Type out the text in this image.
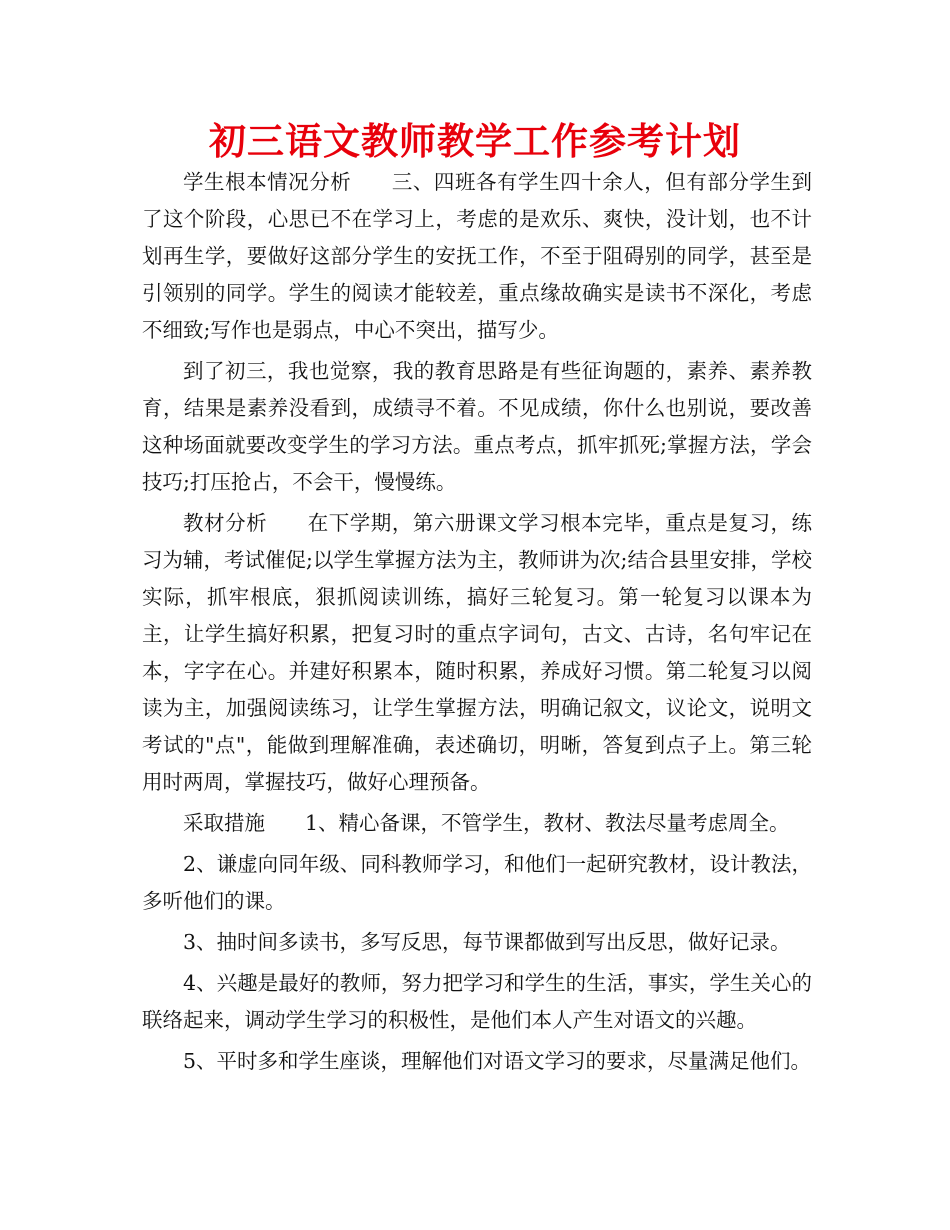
初三语文教师教学工作参考计划

学生根本情况分析 三、四班各有学生四十余人，但有部分学生到了这个阶段，心思已不在学习上，考虑的是欢乐、爽快，没计划，也不计划再生学，要做好这部分学生的安抚工作，不至于阻碍别的同学，甚至是引领别的同学。学生的阅读才能较差，重点缘故确实是读书不深化，考虑不细致;写作也是弱点，中心不突出，描写少。

到了初三，我也觉察，我的教育思路是有些征询题的，素养、素养教育，结果是素养没看到，成绩寻不着。不见成绩，你什么也别说，要改善这种场面就要改变学生的学习方法。重点考点，抓牢抓死;掌握方法，学会技巧;打压抢占，不会干，慢慢练。

教材分析 在下学期，第六册课文学习根本完毕，重点是复习，练习为辅，考试催促;以学生掌握方法为主，教师讲为次;结合县里安排，学校实际，抓牢根底，狠抓阅读训练，搞好三轮复习。第一轮复习以课本为主，让学生搞好积累，把复习时的重点字词句，古文、古诗，名句牢记在本，字字在心。并建好积累本，随时积累，养成好习惯。第二轮复习以阅读为主，加强阅读练习，让学生掌握方法，明确记叙文，议论文，说明文考试的"点"，能做到理解准确，表述确切，明晰，答复到点子上。第三轮用时两周，掌握技巧，做好心理预备。

采取措施 1、精心备课，不管学生，教材、教法尽量考虑周全。

2、谦虚向同年级、同科教师学习，和他们一起研究教材，设计教法，多听他们的课。

3、抽时间多读书，多写反思，每节课都做到写出反思，做好记录。

4、兴趣是最好的教师，努力把学习和学生的生活，事实，学生关心的联络起来，调动学生学习的积极性，是他们本人产生对语文的兴趣。

5、平时多和学生座谈，理解他们对语文学习的要求，尽量满足他们。
